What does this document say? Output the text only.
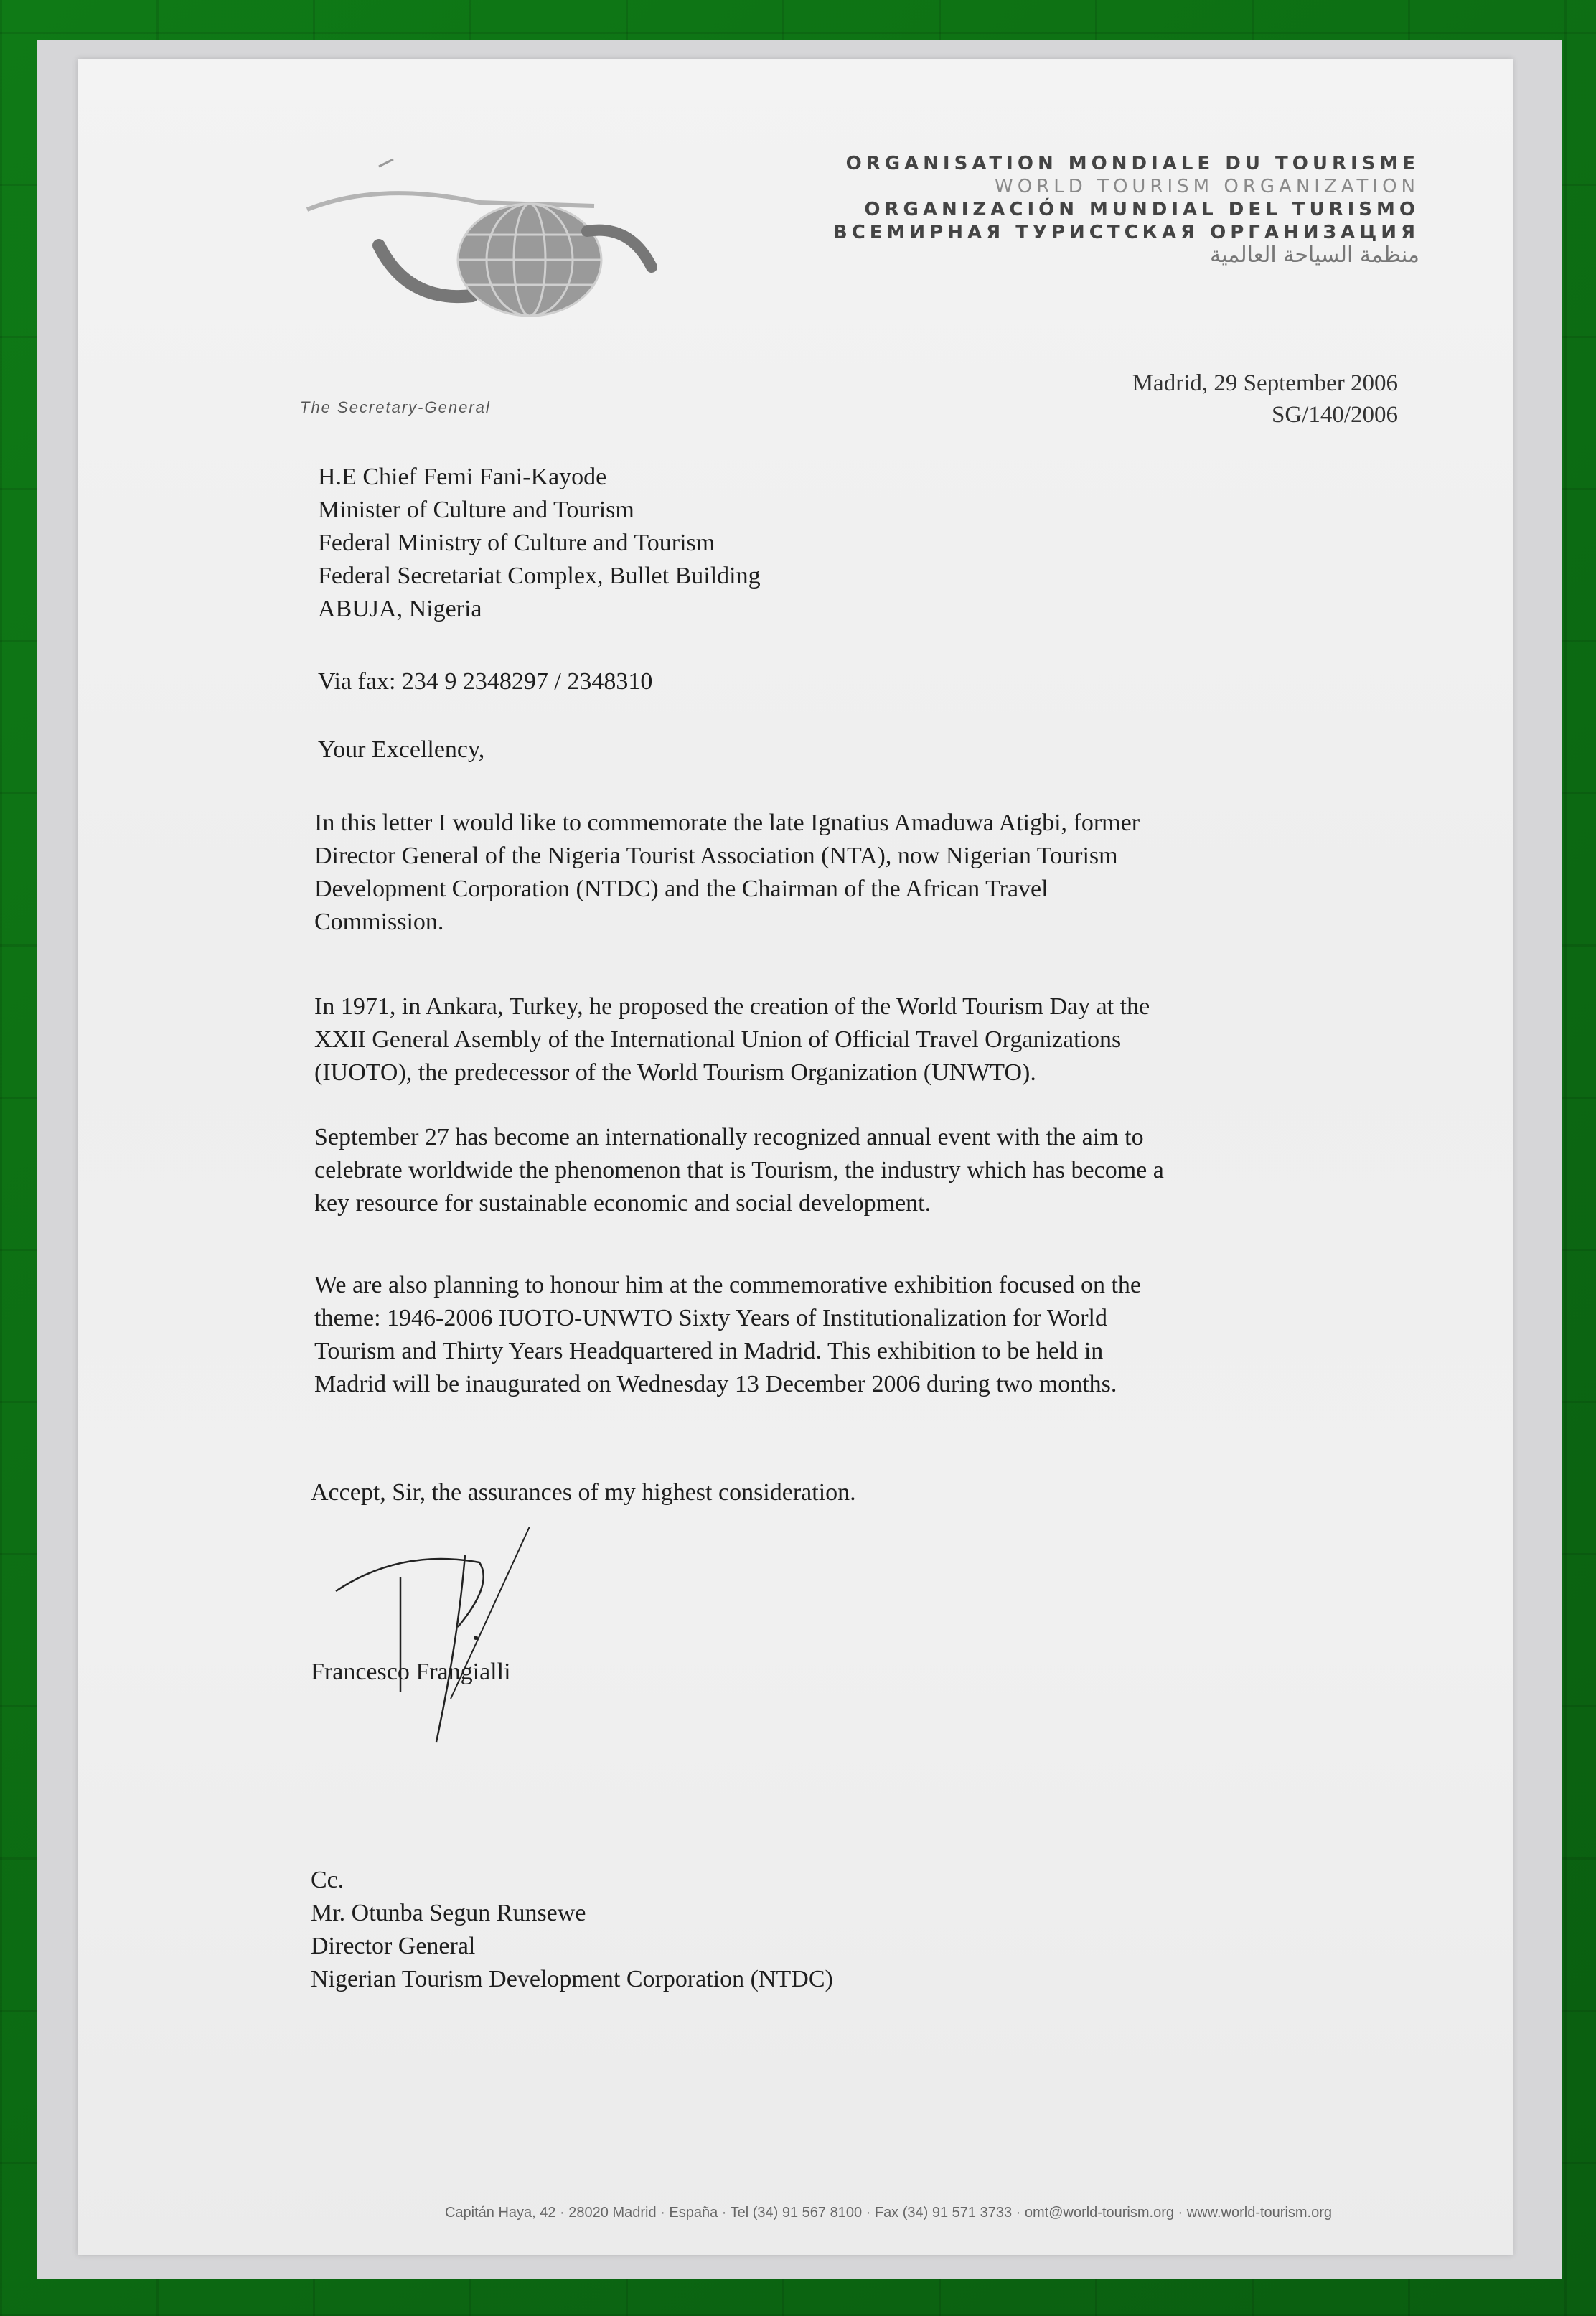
ORGANISATION MONDIALE DU TOURISME
WORLD TOURISM ORGANIZATION
ORGANIZACIÓN MUNDIAL DEL TURISMO
ВСЕМИРНАЯ ТУРИСТСКАЯ ОРГАНИЗАЦИЯ
منظمة السياحة العالمية
The Secretary-General
Madrid, 29 September 2006
SG/140/2006
H.E Chief Femi Fani-Kayode
Minister of Culture and Tourism
Federal Ministry of Culture and Tourism
Federal Secretariat Complex, Bullet Building
ABUJA, Nigeria
Via fax: 234 9 2348297 / 2348310
Your Excellency,
In this letter I would like to commemorate the late Ignatius Amaduwa Atigbi, former
Director General of the Nigeria Tourist Association (NTA), now Nigerian Tourism
Development Corporation (NTDC) and the Chairman of the African Travel
Commission.
In 1971, in Ankara, Turkey, he proposed the creation of the World Tourism Day at the
XXII General Asembly of the International Union of Official Travel Organizations
(IUOTO), the predecessor of the World Tourism Organization (UNWTO).
September 27 has become an internationally recognized annual event with the aim to
celebrate worldwide the phenomenon that is Tourism, the industry which has become a
key resource for sustainable economic and social development.
We are also planning to honour him at the commemorative exhibition focused on the
theme: 1946-2006 IUOTO-UNWTO Sixty Years of Institutionalization for World
Tourism and Thirty Years Headquartered in Madrid. This exhibition to be held in
Madrid will be inaugurated on Wednesday 13 December 2006 during two months.
Accept, Sir, the assurances of my highest consideration.
Francesco Frangialli
Cc.
Mr. Otunba Segun Runsewe
Director General
Nigerian Tourism Development Corporation (NTDC)
Capitán Haya, 42 · 28020 Madrid · España · Tel (34) 91 567 8100 · Fax (34) 91 571 3733 · omt@world-tourism.org · www.world-tourism.org
